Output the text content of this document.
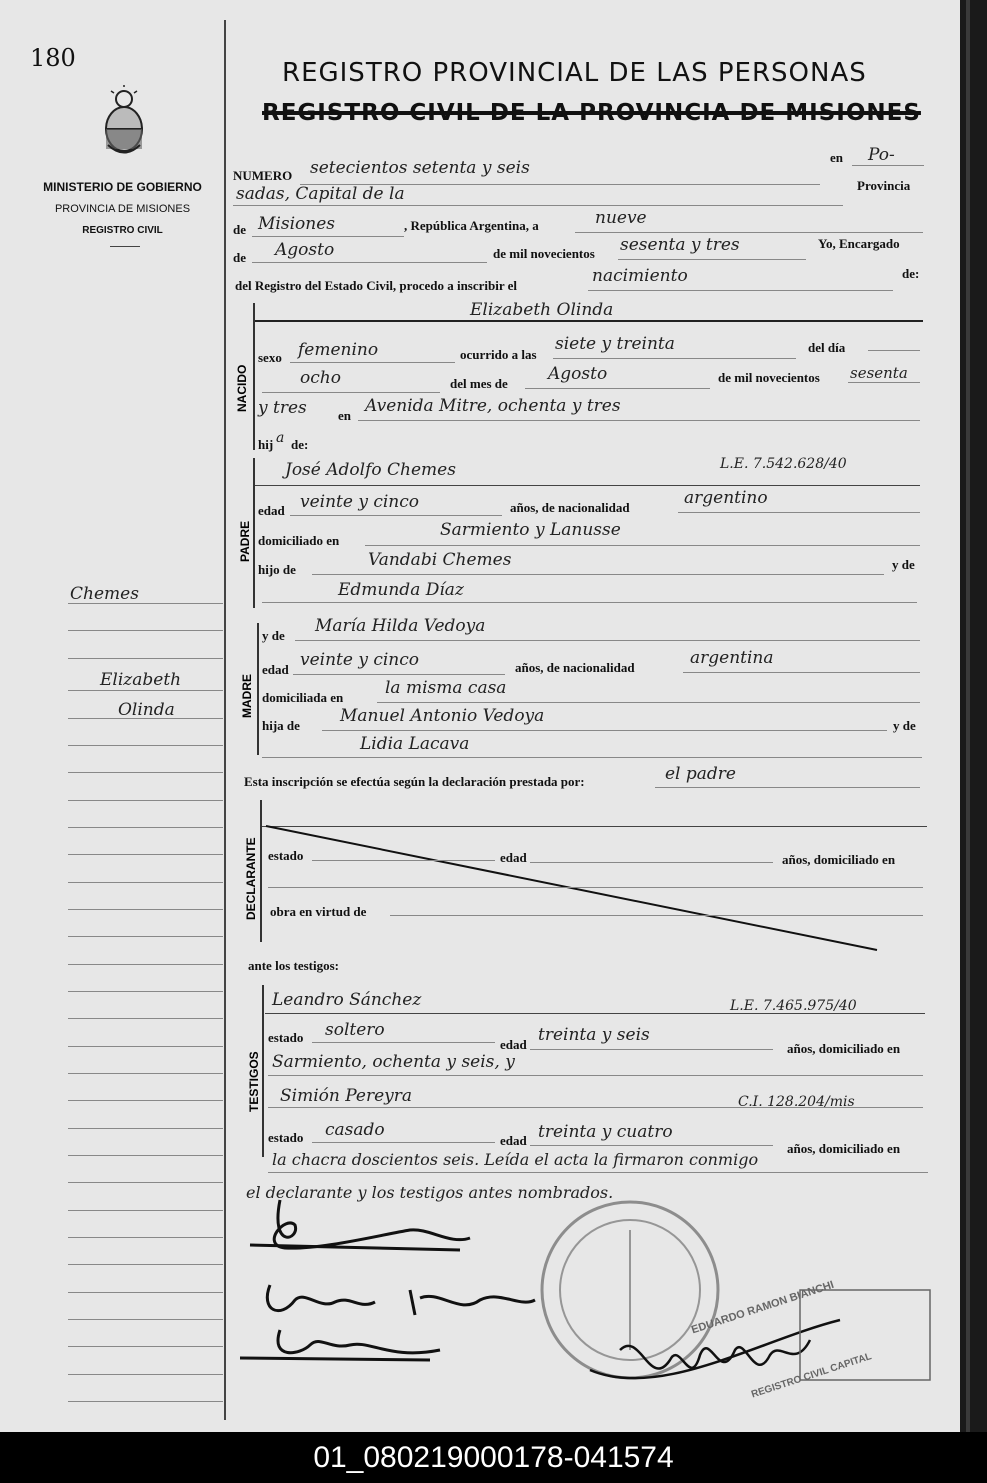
180
MINISTERIO DE GOBIERNO
PROVINCIA DE MISIONES
REGISTRO CIVIL
Chemes
Elizabeth
Olinda
REGISTRO PROVINCIAL DE LAS PERSONAS
REGISTRO CIVIL DE LA PROVINCIA DE MISIONES
NUMERO setecientos setenta y seis
en Po-
sadas, Capital de la	Provincia
de Misiones	, República Argentina, a	nueve
de Agosto	de mil novecientos sesenta y tres	Yo, Encargado
del Registro del Estado Civil, procedo a inscribir el	nacimiento	de:
NACIDO
Elizabeth Olinda
sexo femenino	ocurrido a las
siete y treinta	del día
ocho	del mes de Agosto	de mil novecientos sesenta
y tres en Avenida Mitre, ochenta y tres
hij a de:
PADRE
José Adolfo Chemes	L.E. 7.542.628/40
edad veinte y cinco	años, de nacionalidad	argentino
domiciliado en
Sarmiento y Lanusse
hijo de	Vandabi Chemes	y de
Edmunda Díaz
MADRE
y de María Hilda Vedoya
edad veinte y cinco	años, de nacionalidad	argentina
domiciliada en la misma casa
hija de Manuel Antonio Vedoya	y de
Lidia Lacava
Esta inscripción se efectúa según la declaración prestada por:	el padre
DECLARANTE estado	edad	años, domiciliado en
obra en virtud de
ante los testigos:
TESTIGOS
Leandro Sánchez	L.E. 7.465.975/40
estado soltero
edad treinta y seis
años, domiciliado en
Sarmiento, ochenta y seis, y
Simión Pereyra	C.I. 128.204/mis
estado casado
edad treinta y cuatro
años, domiciliado en
la chacra doscientos seis. Leída el acta la firmaron conmigo
el declarante y los testigos antes nombrados.
EDUARDO RAMON BIANCHI
REGISTRO CIVIL CAPITAL
01_080219000178-041574
